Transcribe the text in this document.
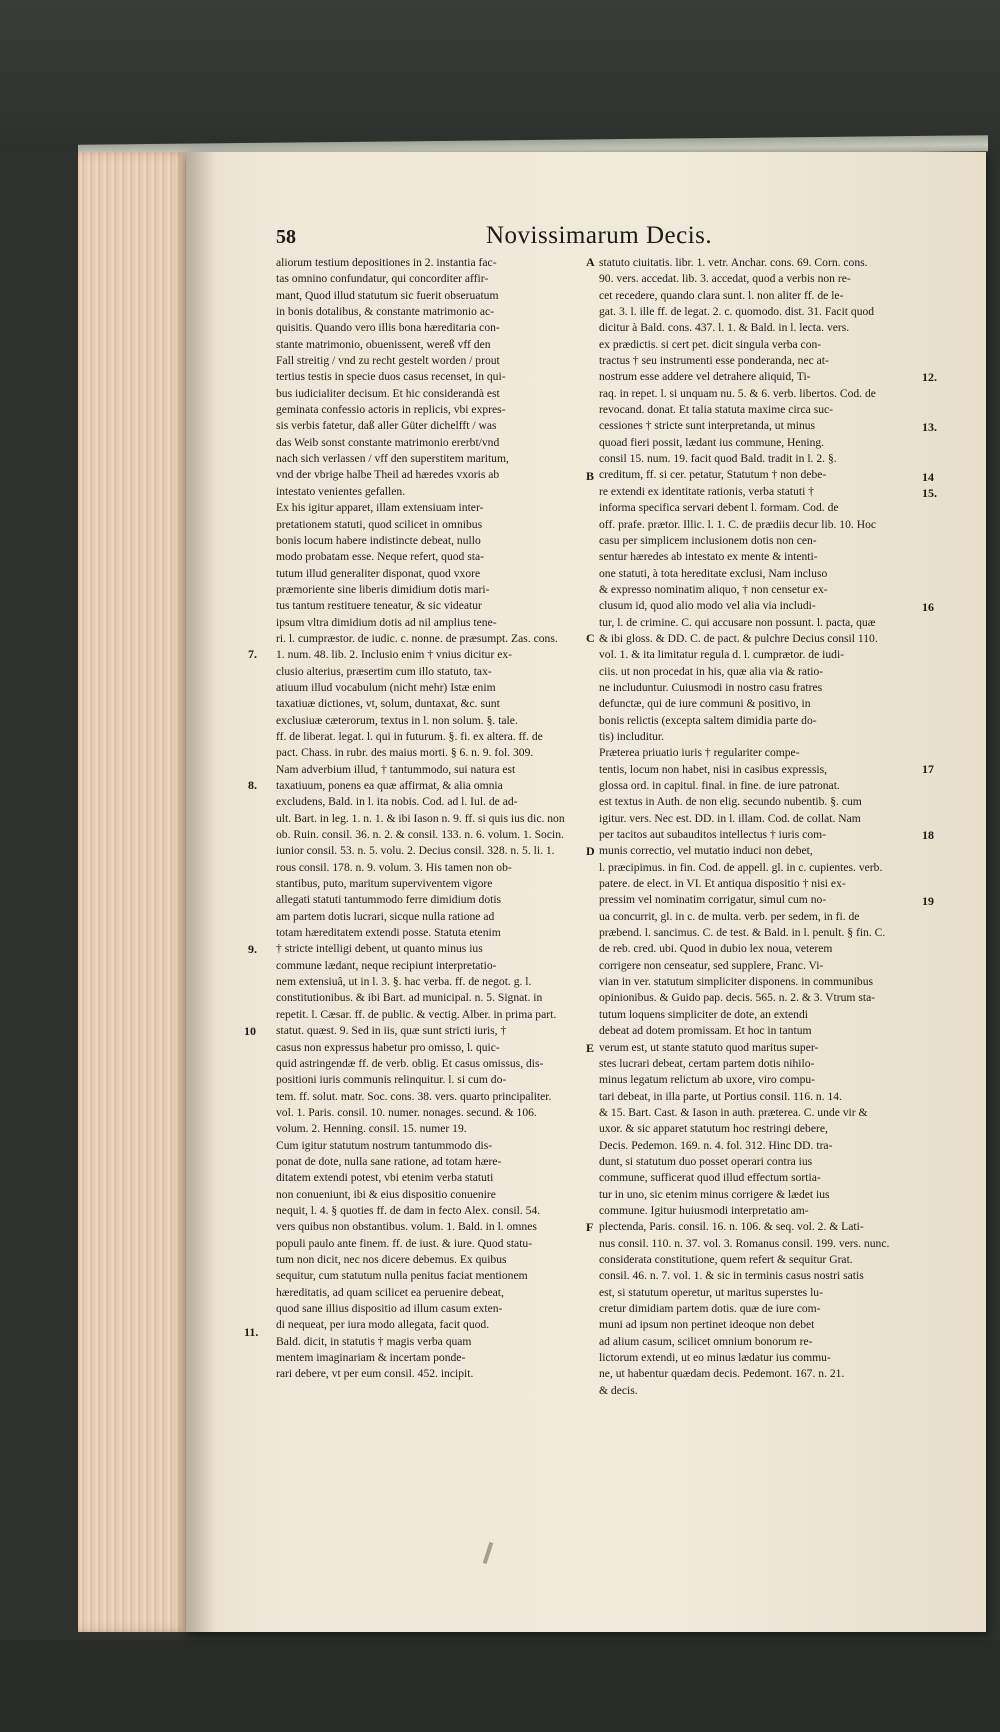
58	Novissimarum Decis.

aliorum testium depositiones in 2. instantia fac-

tas omnino confundatur, qui concorditer affir-

mant, Quod illud statutum sic fuerit obseruatum

in bonis dotalibus, & constante matrimonio ac-

quisitis. Quando vero illis bona hæreditaria con-

stante matrimonio, obuenissent, wereß vff den

Fall streitig / vnd zu recht gestelt worden / prout

tertius testis in specie duos casus recenset, in qui-

bus iudicialiter decisum. Et hic considerandà est

geminata confessio actoris in replicis, vbi expres-

sis verbis fatetur, daß aller Güter dichelfft / was

das Weib sonst constante matrimonio ererbt/vnd

nach sich verlassen / vff den superstitem maritum,

vnd der vbrige halbe Theil ad hæredes vxoris ab

intestato venientes gefallen.

Ex his igitur apparet, illam extensiuam inter-

pretationem statuti, quod scilicet in omnibus

bonis locum habere indistincte debeat, nullo

modo probatam esse. Neque refert, quod sta-

tutum illud generaliter disponat, quod vxore

præmoriente sine liberis dimidium dotis mari-

tus tantum restituere teneatur, & sic videatur

ipsum vltra dimidium dotis ad nil amplius tene-

ri. l. cumpræstor. de iudic. c. nonne. de præsumpt. Zas. cons.

1. num. 48. lib. 2. Inclusio enim † vnius dicitur ex-

clusio alterius, præsertim cum illo statuto, tax-

atiuum illud vocabulum (nicht mehr) Istæ enim

taxatiuæ dictiones, vt, solum, duntaxat, &c. sunt

exclusiuæ cæterorum, textus in l. non solum. §. tale.

ff. de liberat. legat. l. qui in futurum. §. fi. ex altera. ff. de

pact. Chass. in rubr. des maius morti. § 6. n. 9. fol. 309.

Nam adverbium illud, † tantummodo, sui natura est

taxatiuum, ponens ea quæ affirmat, & alia omnia

excludens, Bald. in l. ita nobis. Cod. ad l. Iul. de ad-

ult. Bart. in leg. 1. n. 1. & ibi Iason n. 9. ff. si quis ius dic. non

ob. Ruin. consil. 36. n. 2. & consil. 133. n. 6. volum. 1. Socin.

iunior consil. 53. n. 5. volu. 2. Decius consil. 328. n. 5. li. 1.

rous consil. 178. n. 9. volum. 3. His tamen non ob-

stantibus, puto, maritum superviventem vigore

allegati statuti tantummodo ferre dimidium dotis

am partem dotis lucrari, sicque nulla ratione ad

totam hæreditatem extendi posse. Statuta etenim

† stricte intelligi debent, ut quanto minus ius

commune lædant, neque recipiunt interpretatio-

nem extensiuâ, ut in l. 3. §. hac verba. ff. de negot. g. l.

constitutionibus. & ibi Bart. ad municipal. n. 5. Signat. in

repetit. l. Cæsar. ff. de public. & vectig. Alber. in prima part.

statut. quæst. 9. Sed in iis, quæ sunt stricti iuris, †

casus non expressus habetur pro omisso, l. quic-

quid astringendæ ff. de verb. oblig. Et casus omissus, dis-

positioni iuris communis relinquitur. l. si cum do-

tem. ff. solut. matr. Soc. cons. 38. vers. quarto principaliter.

vol. 1. Paris. consil. 10. numer. nonages. secund. & 106.

volum. 2. Henning. consil. 15. numer 19.

Cum igitur statutum nostrum tantummodo dis-

ponat de dote, nulla sane ratione, ad totam hære-

ditatem extendi potest, vbi etenim verba statuti

non conueniunt, ibi & eius dispositio conuenire

nequit, l. 4. § quoties ff. de dam in fecto Alex. consil. 54.

vers quibus non obstantibus. volum. 1. Bald. in l. omnes

populi paulo ante finem. ff. de iust. & iure. Quod statu-

tum non dicit, nec nos dicere debemus. Ex quibus

sequitur, cum statutum nulla penitus faciat mentionem

hæreditatis, ad quam scilicet ea peruenire debeat,

quod sane illius dispositio ad illum casum exten-

di nequeat, per iura modo allegata, facit quod.

Bald. dicit, in statutis † magis verba quam

mentem imaginariam & incertam ponde-

rari debere, vt per eum consil. 452. incipit.

statuto ciuitatis. libr. 1. vetr. Anchar. cons. 69. Corn. cons.

90. vers. accedat. lib. 3. accedat, quod a verbis non re-

cet recedere, quando clara sunt. l. non aliter ff. de le-

gat. 3. l. ille ff. de legat. 2. c. quomodo. dist. 31. Facit quod

dicitur à Bald. cons. 437. l. 1. & Bald. in l. lecta. vers.

ex prædictis. si cert pet. dicit singula verba con-

tractus † seu instrumenti esse ponderanda, nec at-

nostrum esse addere vel detrahere aliquid, Ti-

raq. in repet. l. si unquam nu. 5. & 6. verb. libertos. Cod. de

revocand. donat. Et talia statuta maxime circa suc-

cessiones † stricte sunt interpretanda, ut minus

quoad fieri possit, lædant ius commune, Hening.

consil 15. num. 19. facit quod Bald. tradit in l. 2. §.

creditum, ff. si cer. petatur, Statutum † non debe-

re extendi ex identitate rationis, verba statuti †

informa specifica servari debent l. formam. Cod. de

off. prafe. prætor. Illic. l. 1. C. de prædiis decur lib. 10. Hoc

casu per simplicem inclusionem dotis non cen-

sentur hæredes ab intestato ex mente & intenti-

one statuti, à tota hereditate exclusi, Nam incluso

& expresso nominatim aliquo, † non censetur ex-

clusum id, quod alio modo vel alia via includi-

tur, l. de crimine. C. qui accusare non possunt. l. pacta, quæ

& ibi gloss. & DD. C. de pact. & pulchre Decius consil 110.

vol. 1. & ita limitatur regula d. l. cumprætor. de iudi-

ciis. ut non procedat in his, quæ alia via & ratio-

ne includuntur. Cuiusmodi in nostro casu fratres

defunctæ, qui de iure communi & positivo, in

bonis relictis (excepta saltem dimidia parte do-

tis) includitur.

Præterea priuatio iuris † regulariter compe-

tentis, locum non habet, nisi in casibus expressis,

glossa ord. in capitul. final. in fine. de iure patronat.

est textus in Auth. de non elig. secundo nubentib. §. cum

igitur. vers. Nec est. DD. in l. illam. Cod. de collat. Nam

per tacitos aut subauditos intellectus † iuris com-

munis correctio, vel mutatio induci non debet,

l. præcipimus. in fin. Cod. de appell. gl. in c. cupientes. verb.

patere. de elect. in VI. Et antiqua dispositio † nisi ex-

pressim vel nominatim corrigatur, simul cum no-

ua concurrit, gl. in c. de multa. verb. per sedem, in fi. de

præbend. l. sancimus. C. de test. & Bald. in l. penult. § fin. C.

de reb. cred. ubi. Quod in dubio lex noua, veterem

corrigere non censeatur, sed supplere, Franc. Vi-

vian in ver. statutum simpliciter disponens. in communibus

opinionibus. & Guido pap. decis. 565. n. 2. & 3. Vtrum sta-

tutum loquens simpliciter de dote, an extendi

debeat ad dotem promissam. Et hoc in tantum

verum est, ut stante statuto quod maritus super-

stes lucrari debeat, certam partem dotis nihilo-

minus legatum relictum ab uxore, viro compu-

tari debeat, in illa parte, ut Portius consil. 116. n. 14.

& 15. Bart. Cast. & Iason in auth. præterea. C. unde vir &

uxor. & sic apparet statutum hoc restringi debere,

Decis. Pedemon. 169. n. 4. fol. 312. Hinc DD. tra-

dunt, si statutum duo posset operari contra ius

commune, sufficerat quod illud effectum sortia-

tur in uno, sic etenim minus corrigere & lædet ius

commune. Igitur huiusmodi interpretatio am-

plectenda, Paris. consil. 16. n. 106. & seq. vol. 2. & Lati-

nus consil. 110. n. 37. vol. 3. Romanus consil. 199. vers. nunc.

considerata constitutione, quem refert & sequitur Grat.

consil. 46. n. 7. vol. 1. & sic in terminis casus nostri satis

est, si statutum operetur, ut maritus superstes lu-

cretur dimidiam partem dotis. quæ de iure com-

muni ad ipsum non pertinet ideoque non debet

ad alium casum, scilicet omnium bonorum re-

lictorum extendi, ut eo minus lædatur ius commu-

ne, ut habentur quædam decis. Pedemont. 167. n. 21.

& decis.

7.
8.
9.
10
11.
A
B
C
D
E
F
12.
13.
14
15.
16
17
18
19
